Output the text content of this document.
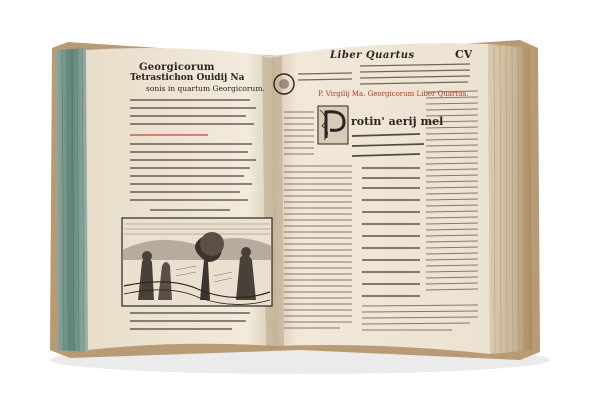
Georgicorum
Tetrastichon Ouidij Na
sonis in quartum Georgicorum.
Liber Quartus	CV
P. Virgilij Ma. Georgicorum Liber Quartus.
rotin' aerij mel
